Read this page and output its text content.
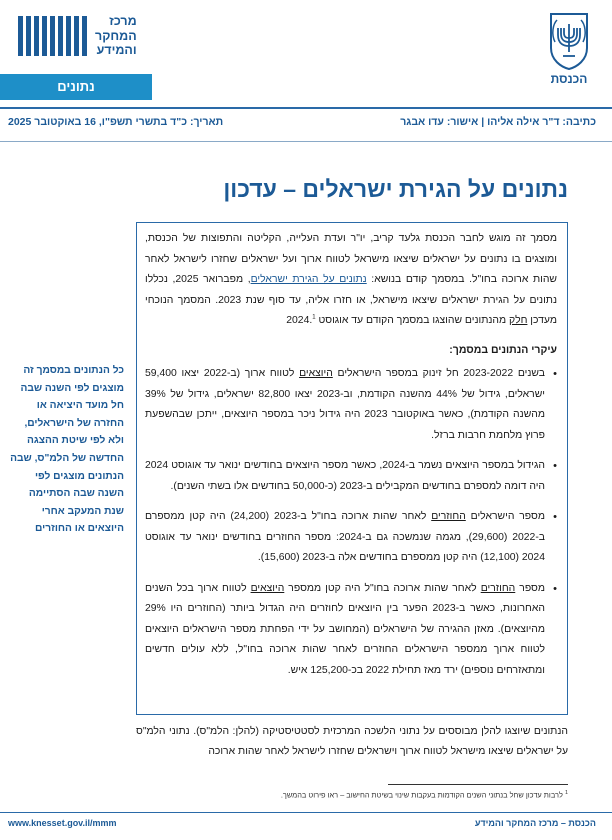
מרכז
המחקר
והמידע
נתונים	הכנסת
כתיבה: ד"ר אילה אליהו | אישור: עדו אבגר
תאריך: כ"ד בתשרי תשפ"ו, 16 באוקטובר 2025
נתונים על הגירת ישראלים – עדכון

מסמך זה מוגש לחבר הכנסת גלעד קריב, יו"ר ועדת העלייה, הקליטה והתפוצות של הכנסת, ומוצגים בו נתונים על ישראלים שיצאו מישראל לטווח ארוך ועל ישראלים שחזרו לישראל לאחר שהות ארוכה בחו"ל. במסמך קודם בנושא: נתונים על הגירת ישראלים, מפברואר 2025, נכללו נתונים על הגירת ישראלים שיצאו מישראל, או חזרו אליה, עד סוף שנת 2023. המסמך הנוכחי מעדכן חלק מהנתונים שהוצגו במסמך הקודם עד אוגוסט 2024.$^1$

עיקרי הנתונים במסמך:
• בשנים 2023-2022 חל זינוק במספר הישראלים היוצאים לטווח ארוך (ב-2022 יצאו 59,400 ישראלים, גידול של 44% מהשנה הקודמת, וב-2023 יצאו 82,800 ישראלים, גידול של 39% מהשנה הקודמת), כאשר באוקטובר 2023 היה גידול ניכר במספר היוצאים, ייתכן שבהשפעת פרוץ מלחמת חרבות ברזל.
• הגידול במספר היוצאים נשמר ב-2024, כאשר מספר היוצאים בחודשים ינואר עד אוגוסט 2024 היה דומה למספרם בחודשים המקבילים ב-2023 (כ-50,000 בחודשים אלו בשתי השנים).
• מספר הישראלים החוזרים לאחר שהות ארוכה בחו"ל ב-2023 (24,200) היה קטן ממספרם ב-2022 (29,600), מגמה שנמשכה גם ב-2024: מספר החוזרים בחודשים ינואר עד אוגוסט 2024 (12,100) היה קטן ממספרם בחודשים אלה ב-2023 (15,600).
• מספר החוזרים לאחר שהות ארוכה בחו"ל היה קטן ממספר היוצאים לטווח ארוך בכל השנים האחרונות, כאשר ב-2023 הפער בין היוצאים לחוזרים היה הגדול ביותר (החוזרים היו 29% מהיוצאים). מאזן ההגירה של הישראלים (המחושב על ידי הפחתת מספר הישראלים היוצאים לטווח ארוך ממספר הישראלים החוזרים לאחר שהות ארוכה בחו"ל, ללא עולים חדשים ומתאזרחים נוספים) ירד מאז תחילת 2022 בכ-125,200 איש.
כל הנתונים במסמך זה מוצגים לפי השנה שבה חל מועד היציאה או החזרה של הישראלים, ולא לפי שיטת ההצגה החדשה של הלמ"ס, שבה הנתונים מוצגים לפי השנה שבה הסתיימה שנת המעקב אחרי היוצאים או החוזרים
הנתונים שיוצגו להלן מבוססים על נתוני הלשכה המרכזית לסטטיסטיקה (להלן: הלמ"ס). נתוני הלמ"ס על ישראלים שיצאו מישראל לטווח ארוך וישראלים שחזרו לישראל לאחר שהות ארוכה
$^1$ לרבות עדכון שחל בנתוני השנים הקודמות בעקבות שינוי בשיטת החישוב – ראו פירוט בהמשך.
הכנסת – מרכז המחקר והמידע
www.knesset.gov.il/mmm
